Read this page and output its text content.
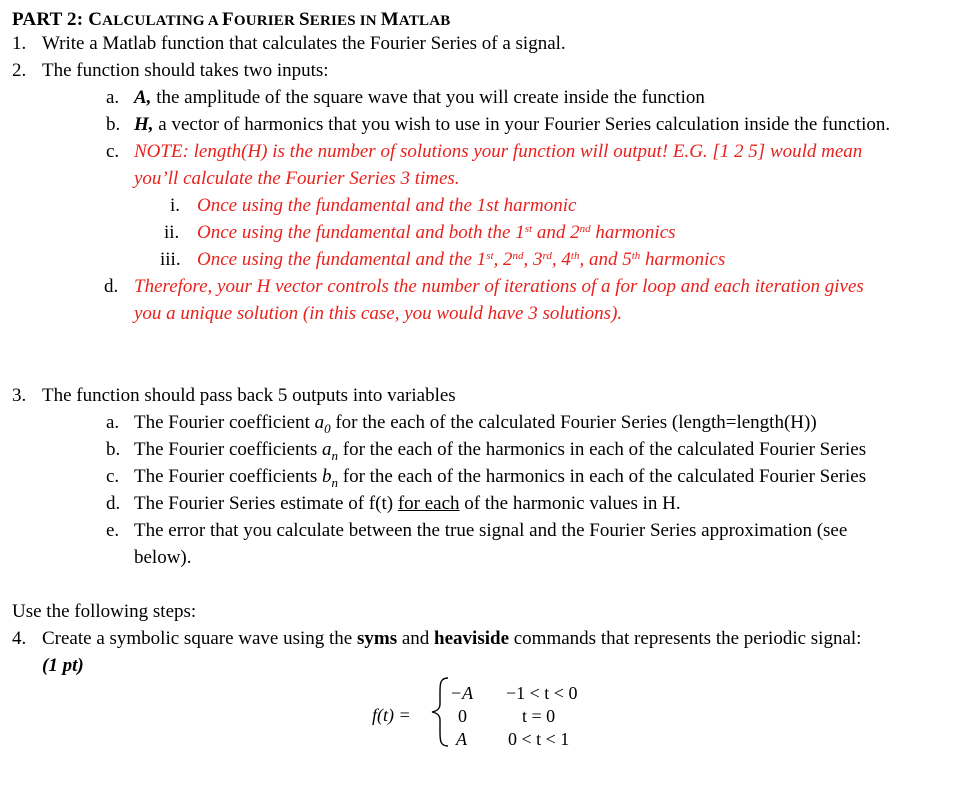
PART 2: CALCULATING A FOURIER SERIES IN MATLAB
1. Write a Matlab function that calculates the Fourier Series of a signal.
2. The function should takes two inputs:
a. A, the amplitude of the square wave that you will create inside the function
b. H, a vector of harmonics that you wish to use in your Fourier Series calculation inside the function.
c. NOTE: length(H) is the number of solutions your function will output! E.G. [1 2 5] would mean
you’ll calculate the Fourier Series 3 times.
i. Once using the fundamental and the 1st harmonic
ii. Once using the fundamental and both the 1st and 2nd harmonics
iii. Once using the fundamental and the 1st, 2nd, 3rd, 4th, and 5th harmonics
d. Therefore, your H vector controls the number of iterations of a for loop and each iteration gives
you a unique solution (in this case, you would have 3 solutions).
3. The function should pass back 5 outputs into variables
a. The Fourier coefficient $a_0$ for the each of the calculated Fourier Series (length=length(H))
b. The Fourier coefficients $a_n$ for the each of the harmonics in each of the calculated Fourier Series
c. The Fourier coefficients $b_n$ for the each of the harmonics in each of the calculated Fourier Series
d. The Fourier Series estimate of f(t) for each of the harmonic values in H.
e. The error that you calculate between the true signal and the Fourier Series approximation (see
below).
Use the following steps:
4. Create a symbolic square wave using the syms and heaviside commands that represents the periodic signal:
(1 pt)
f(t) =
−A −1 < t < 0
0	t = 0
A 0 < t < 1
